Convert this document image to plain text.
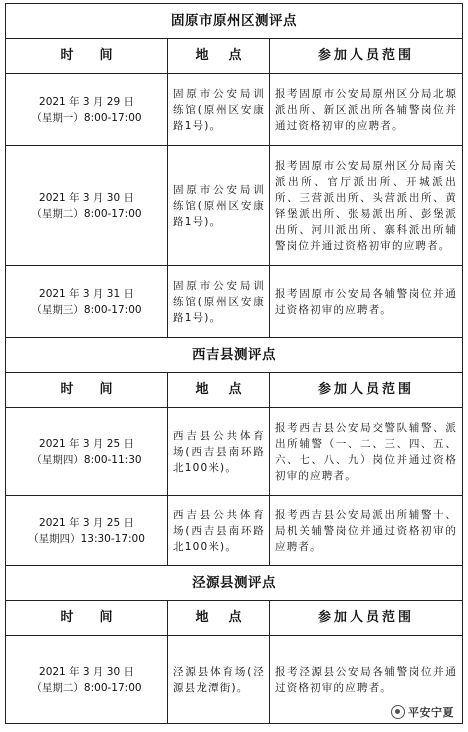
固原市原州区测评点		
时间	地点	参加人员范围

2021 年 3 月 29 日
（星期一）8:00-17:00	固原市公安局训练馆(原州区安康路1号)。	报考固原市公安局原州区分局北塬派出所、新区派出所各辅警岗位并通过资格初审的应聘者。

2021 年 3 月 30 日
（星期二）8:00-17:00	固原市公安局训练馆(原州区安康路1号)。	报考固原市公安局原州区分局南关派出所、官厅派出所、开城派出所、三营派出所、头营派出所、黄铎堡派出所、张易派出所、彭堡派出所、河川派出所、寨科派出所辅警岗位并通过资格初审的应聘者。

2021 年 3 月 31 日
（星期三）8:00-17:00	固原市公安局训练馆(原州区安康路1号)。	报考固原市公安局各辅警岗位并通过资格初审的应聘者。
西吉县测评点		
时间	地点	参加人员范围

2021 年 3 月 25 日
（星期四）8:00-11:30	西吉县公共体育场(西吉县南环路北100米)。	报考西吉县公安局交警队辅警、派出所辅警（一、二、三、四、五、六、七、八、九）岗位并通过资格初审的应聘者。

2021 年 3 月 25 日
（星期四）13:30-17:00	西吉县公共体育场(西吉县南环路北100米)。	报考西吉县公安局派出所辅警十、局机关辅警岗位并通过资格初审的应聘者。
泾源县测评点		
时间	地点	参加人员范围

2021 年 3 月 30 日
（星期二）8:00-17:00	泾源县体育场(泾源县龙潭街)。	报考泾源县公安局各辅警岗位并通过资格初审的应聘者。
平安宁夏
